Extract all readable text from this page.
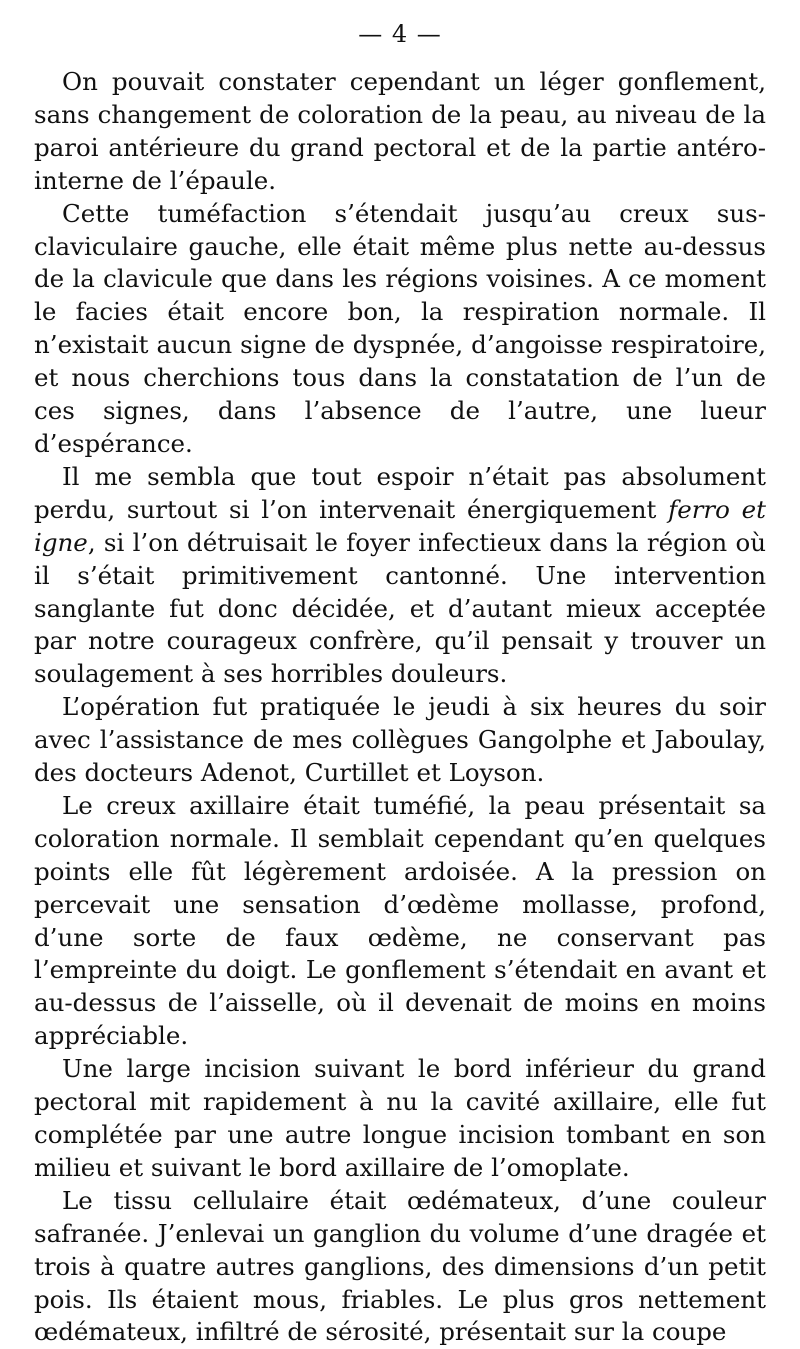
— 4 —

On pouvait constater cependant un léger gonflement, sans changement de coloration de la peau, au niveau de la paroi antérieure du grand pectoral et de la partie antéro-interne de l’épaule.

Cette tuméfaction s’étendait jusqu’au creux sus-claviculaire gauche, elle était même plus nette au-dessus de la clavicule que dans les régions voisines. A ce moment le facies était encore bon, la respiration normale. Il n’existait aucun signe de dyspnée, d’angoisse respiratoire, et nous cherchions tous dans la constatation de l’un de ces signes, dans l’absence de l’autre, une lueur d’espérance.

Il me sembla que tout espoir n’était pas absolument perdu, surtout si l’on intervenait énergiquement ferro et igne, si l’on détruisait le foyer infectieux dans la région où il s’était primitivement cantonné. Une intervention sanglante fut donc décidée, et d’autant mieux acceptée par notre courageux confrère, qu’il pensait y trouver un soulagement à ses horribles douleurs.

L’opération fut pratiquée le jeudi à six heures du soir avec l’assistance de mes collègues Gangolphe et Jaboulay, des docteurs Adenot, Curtillet et Loyson.

Le creux axillaire était tuméfié, la peau présentait sa coloration normale. Il semblait cependant qu’en quelques points elle fût légèrement ardoisée. A la pression on percevait une sensation d’œdème mollasse, profond, d’une sorte de faux œdème, ne conservant pas l’empreinte du doigt. Le gonflement s’étendait en avant et au-dessus de l’aisselle, où il devenait de moins en moins appréciable.

Une large incision suivant le bord inférieur du grand pectoral mit rapidement à nu la cavité axillaire, elle fut complétée par une autre longue incision tombant en son milieu et suivant le bord axillaire de l’omoplate.

Le tissu cellulaire était œdémateux, d’une couleur safranée. J’enlevai un ganglion du volume d’une dragée et trois à quatre autres ganglions, des dimensions d’un petit pois. Ils étaient mous, friables. Le plus gros nettement œdémateux, infiltré de sérosité, présentait sur la coupe
